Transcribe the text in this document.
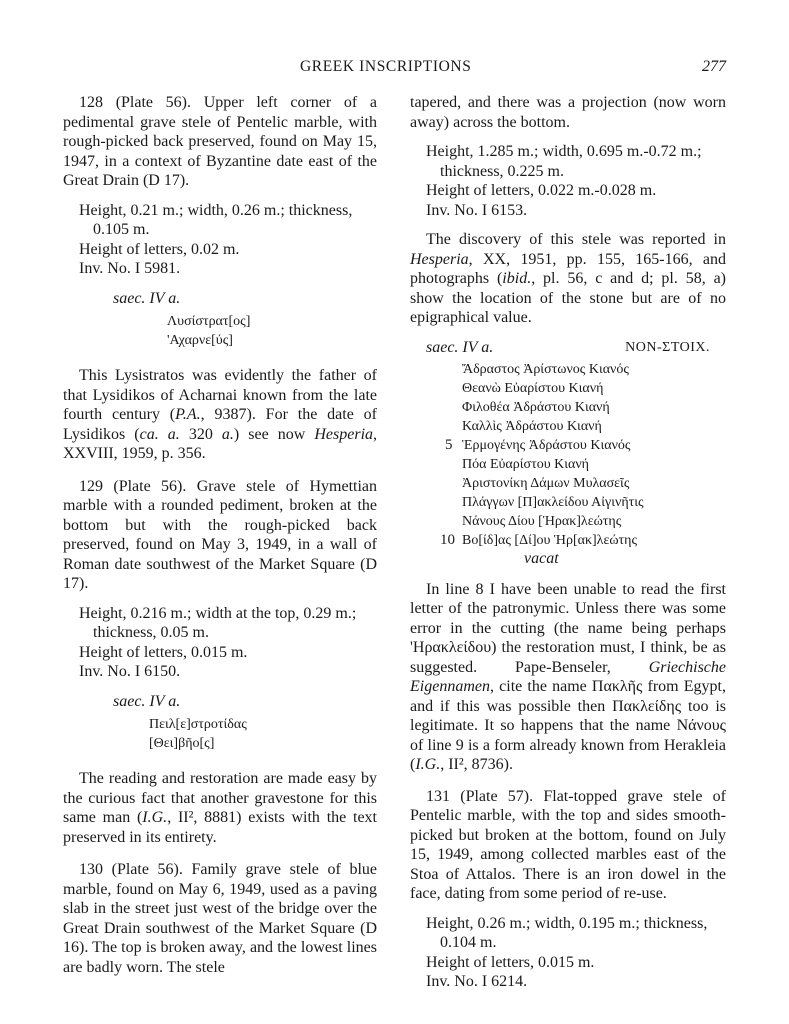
GREEK INSCRIPTIONS	277

128 (Plate 56). Upper left corner of a pedimental grave stele of Pentelic marble, with rough-picked back preserved, found on May 15, 1947, in a context of Byzantine date east of the Great Drain (D 17).

Height, 0.21 m.; width, 0.26 m.; thickness, 0.105 m.
Height of letters, 0.02 m.
Inv. No. I 5981.
saec. IV a.
Λυσίστρατ[ος]
'Αχαρνε[ύς]

This Lysistratos was evidently the father of that Lysidikos of Acharnai known from the late fourth century (P.A., 9387). For the date of Lysidikos (ca. a. 320 a.) see now Hesperia, XXVIII, 1959, p. 356.

129 (Plate 56). Grave stele of Hymettian marble with a rounded pediment, broken at the bottom but with the rough-picked back preserved, found on May 3, 1949, in a wall of Roman date southwest of the Market Square (D 17).

Height, 0.216 m.; width at the top, 0.29 m.; thickness, 0.05 m.
Height of letters, 0.015 m.
Inv. No. I 6150.
saec. IV a.
Πειλ[ε]στροτίδας
[Θει]βῆο[ς]

The reading and restoration are made easy by the curious fact that another gravestone for this same man (I.G., II², 8881) exists with the text preserved in its entirety.

130 (Plate 56). Family grave stele of blue marble, found on May 6, 1949, used as a paving slab in the street just west of the bridge over the Great Drain southwest of the Market Square (D 16). The top is broken away, and the lowest lines are badly worn. The stele

tapered, and there was a projection (now worn away) across the bottom.

Height, 1.285 m.; width, 0.695 m.-0.72 m.; thickness, 0.225 m.
Height of letters, 0.022 m.-0.028 m.
Inv. No. I 6153.

The discovery of this stele was reported in Hesperia, XX, 1951, pp. 155, 165-166, and photographs (ibid., pl. 56, c and d; pl. 58, a) show the location of the stone but are of no epigraphical value.

saec. IV a.	NON-ΣΤΟΙΧ.
Ἄδραστος Ἀρίστωνος Κιανός
Θεανὼ Εὐαρίστου Κιανή
Φιλοθέα Ἀδράστου Κιανή
Καλλὶς Ἀδράστου Κιανή
5 Ἑρμογένης Ἀδράστου Κιανός
Πόα Εὐαρίστου Κιανή
Ἀριστονίκη Δάμων Μυλασεῖς
Πλάγγων [Π]ακλείδου Αἰγινῆτις
Νάνους Δίου [Ἡρακ]λεώτης
10 Βο[ίδ]ας [Δί]ου Ἡρ[ακ]λεώτης
vacat

In line 8 I have been unable to read the first letter of the patronymic. Unless there was some error in the cutting (the name being perhaps 'Ηρακλείδου) the restoration must, I think, be as suggested. Pape-Benseler, Griechische Eigennamen, cite the name Πακλῆς from Egypt, and if this was possible then Πακλείδης too is legitimate. It so happens that the name Νάνους of line 9 is a form already known from Herakleia (I.G., II², 8736).

131 (Plate 57). Flat-topped grave stele of Pentelic marble, with the top and sides smooth-picked but broken at the bottom, found on July 15, 1949, among collected marbles east of the Stoa of Attalos. There is an iron dowel in the face, dating from some period of re-use.

Height, 0.26 m.; width, 0.195 m.; thickness, 0.104 m.
Height of letters, 0.015 m.
Inv. No. I 6214.
